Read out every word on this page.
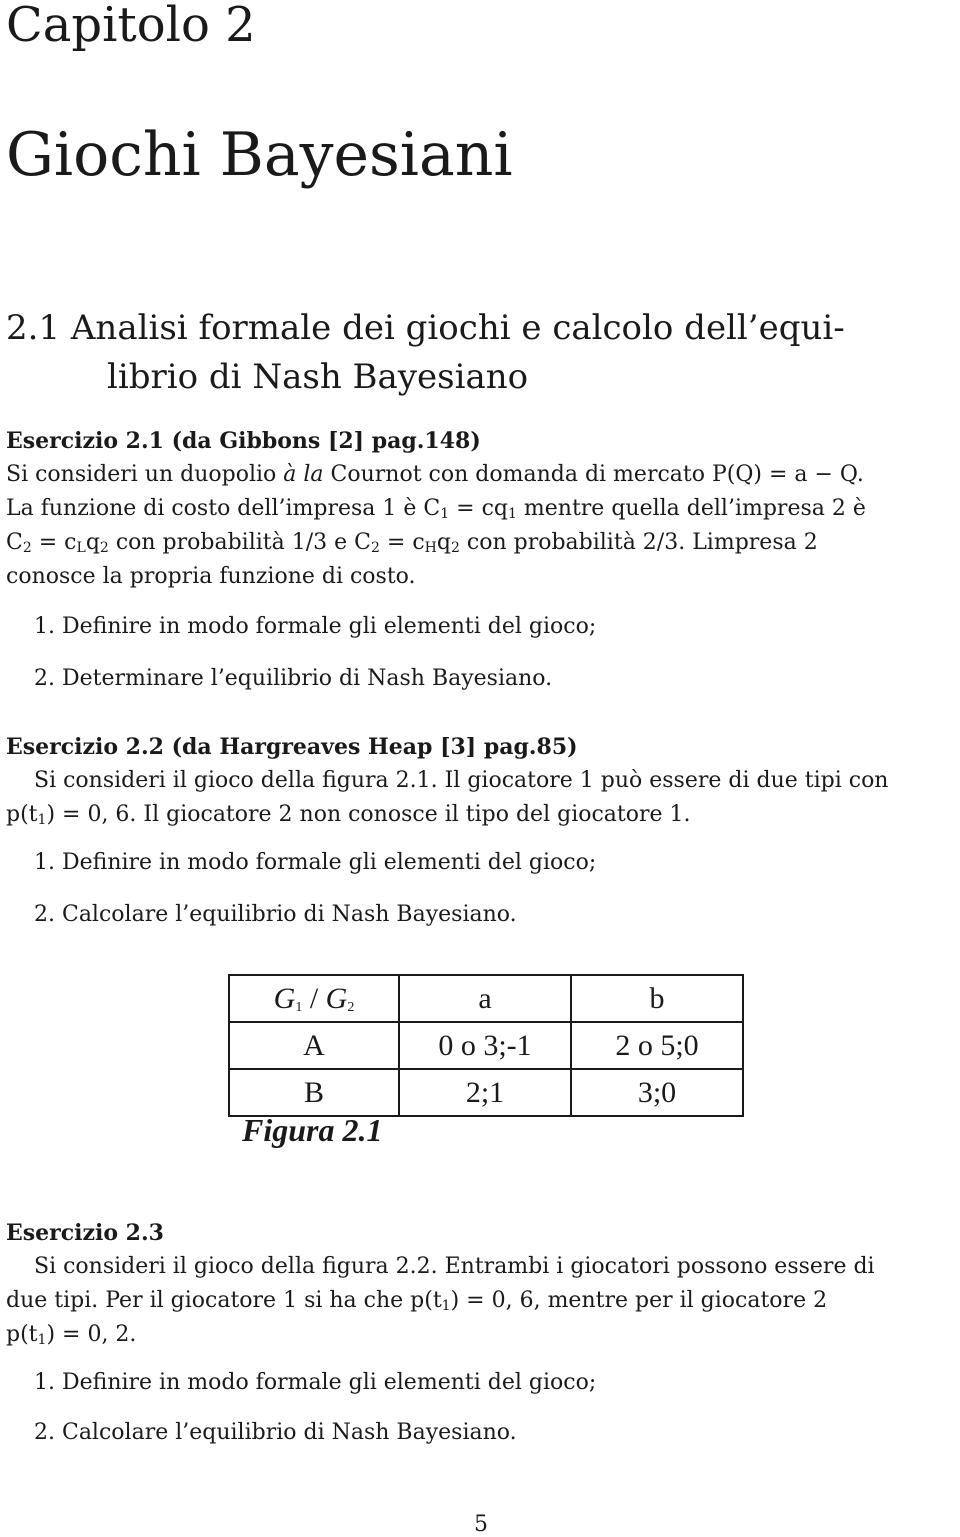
Capitolo 2
Giochi Bayesiani
2.1 Analisi formale dei giochi e calcolo dell’equi-
librio di Nash Bayesiano
Esercizio 2.1 (da Gibbons [2] pag.148)
Si consideri un duopolio à la Cournot con domanda di mercato P(Q) = a − Q.
La funzione di costo dell’impresa 1 è $C_1 = cq_1$ mentre quella dell’impresa 2 è
$C_2 = c_Lq_2$ con probabilità 1/3 e $C_2 = c_Hq_2$ con probabilità 2/3. Limpresa 2
conosce la propria funzione di costo.
1. Definire in modo formale gli elementi del gioco;
2. Determinare l’equilibrio di Nash Bayesiano.
Esercizio 2.2 (da Hargreaves Heap [3] pag.85)
Si consideri il gioco della figura 2.1. Il giocatore 1 può essere di due tipi con
$p(t_1) = 0$, 6. Il giocatore 2 non conosce il tipo del giocatore 1.
1. Definire in modo formale gli elementi del gioco;
2. Calcolare l’equilibrio di Nash Bayesiano.
$G_1 / G_2$	a	b
A	0 o 3;-1	2 o 5;0
B	2;1	3;0
Figura 2.1
Esercizio 2.3
Si consideri il gioco della figura 2.2. Entrambi i giocatori possono essere di
due tipi. Per il giocatore 1 si ha che $p(t_1) = 0$, 6, mentre per il giocatore 2
$p(t_1) = 0$, 2.
1. Definire in modo formale gli elementi del gioco;
2. Calcolare l’equilibrio di Nash Bayesiano.
5
